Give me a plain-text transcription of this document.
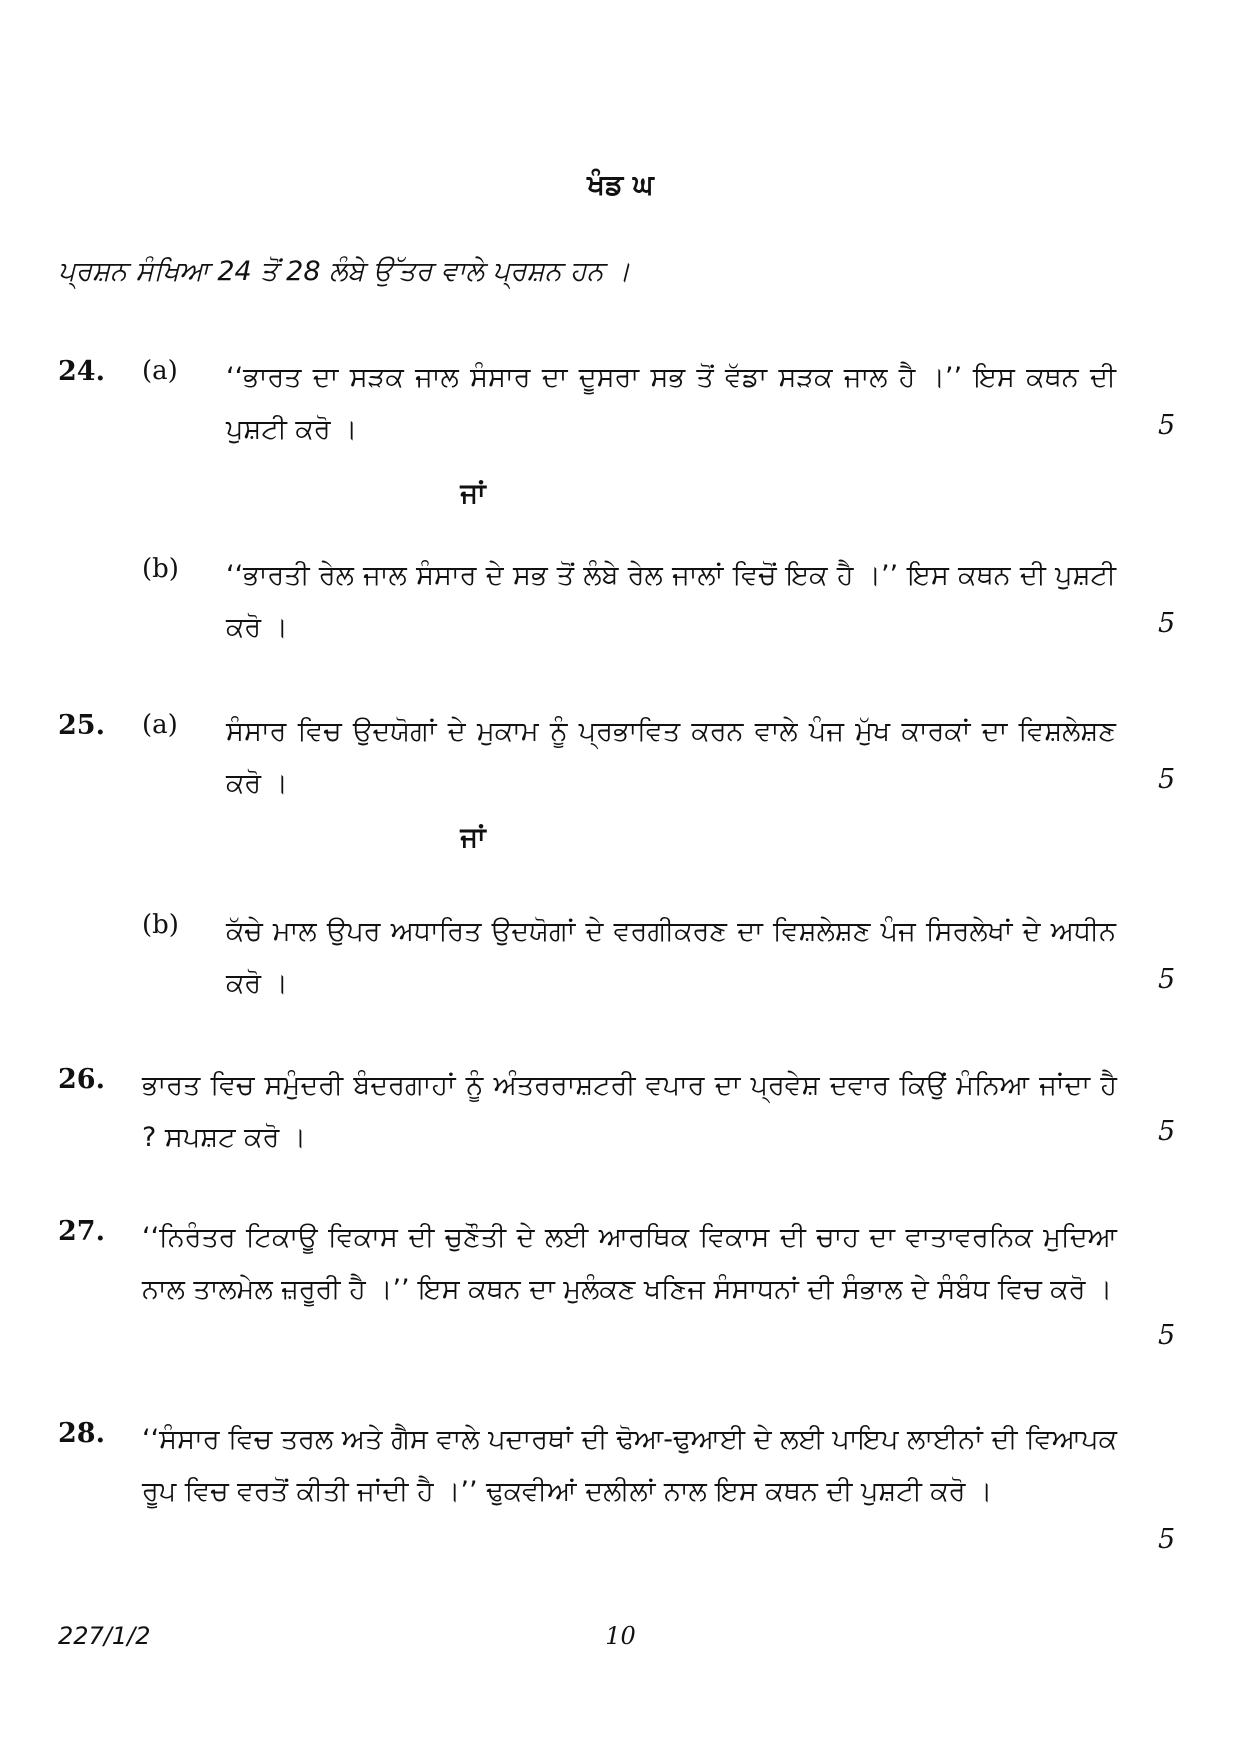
ਖੰਡ ਘ
ਪ੍ਰਸ਼ਨ ਸੰਖਿਆ 24 ਤੋਂ 28 ਲੰਬੇ ਉੱਤਰ ਵਾਲੇ ਪ੍ਰਸ਼ਨ ਹਨ ।
24. (a) ‘‘ਭਾਰਤ ਦਾ ਸੜਕ ਜਾਲ ਸੰਸਾਰ ਦਾ ਦੂਸਰਾ ਸਭ ਤੋਂ ਵੱਡਾ ਸੜਕ ਜਾਲ ਹੈ ।’’ ਇਸ ਕਥਨ ਦੀ ਪੁਸ਼ਟੀ ਕਰੋ ।	5
ਜਾਂ
(b) ‘‘ਭਾਰਤੀ ਰੇਲ ਜਾਲ ਸੰਸਾਰ ਦੇ ਸਭ ਤੋਂ ਲੰਬੇ ਰੇਲ ਜਾਲਾਂ ਵਿਚੋਂ ਇਕ ਹੈ ।’’ ਇਸ ਕਥਨ ਦੀ ਪੁਸ਼ਟੀ ਕਰੋ ।	5
25. (a) ਸੰਸਾਰ ਵਿਚ ਉਦਯੋਗਾਂ ਦੇ ਮੁਕਾਮ ਨੂੰ ਪ੍ਰਭਾਵਿਤ ਕਰਨ ਵਾਲੇ ਪੰਜ ਮੁੱਖ ਕਾਰਕਾਂ ਦਾ ਵਿਸ਼ਲੇਸ਼ਣ ਕਰੋ ।	5
ਜਾਂ
(b) ਕੱਚੇ ਮਾਲ ਉਪਰ ਅਧਾਰਿਤ ਉਦਯੋਗਾਂ ਦੇ ਵਰਗੀਕਰਣ ਦਾ ਵਿਸ਼ਲੇਸ਼ਣ ਪੰਜ ਸਿਰਲੇਖਾਂ ਦੇ ਅਧੀਨ ਕਰੋ ।	5
26. ਭਾਰਤ ਵਿਚ ਸਮੁੰਦਰੀ ਬੰਦਰਗਾਹਾਂ ਨੂੰ ਅੰਤਰਰਾਸ਼ਟਰੀ ਵਪਾਰ ਦਾ ਪ੍ਰਵੇਸ਼ ਦਵਾਰ ਕਿਉਂ ਮੰਨਿਆ ਜਾਂਦਾ ਹੈ ? ਸਪਸ਼ਟ ਕਰੋ ।	5
27. ‘‘ਨਿਰੰਤਰ ਟਿਕਾਊ ਵਿਕਾਸ ਦੀ ਚੁਣੌਤੀ ਦੇ ਲਈ ਆਰਥਿਕ ਵਿਕਾਸ ਦੀ ਚਾਹ ਦਾ ਵਾਤਾਵਰਨਿਕ ਮੁਦਿਆ ਨਾਲ ਤਾਲਮੇਲ ਜ਼ਰੂਰੀ ਹੈ ।’’ ਇਸ ਕਥਨ ਦਾ ਮੁਲੰਕਣ ਖਣਿਜ ਸੰਸਾਧਨਾਂ ਦੀ ਸੰਭਾਲ ਦੇ ਸੰਬੰਧ ਵਿਚ ਕਰੋ ।
5
28. ‘‘ਸੰਸਾਰ ਵਿਚ ਤਰਲ ਅਤੇ ਗੈਸ ਵਾਲੇ ਪਦਾਰਥਾਂ ਦੀ ਢੋਆ-ਢੁਆਈ ਦੇ ਲਈ ਪਾਇਪ ਲਾਈਨਾਂ ਦੀ ਵਿਆਪਕ ਰੂਪ ਵਿਚ ਵਰਤੋਂ ਕੀਤੀ ਜਾਂਦੀ ਹੈ ।’’ ਢੁਕਵੀਆਂ ਦਲੀਲਾਂ ਨਾਲ ਇਸ ਕਥਨ ਦੀ ਪੁਸ਼ਟੀ ਕਰੋ ।
5
227/1/2	10
